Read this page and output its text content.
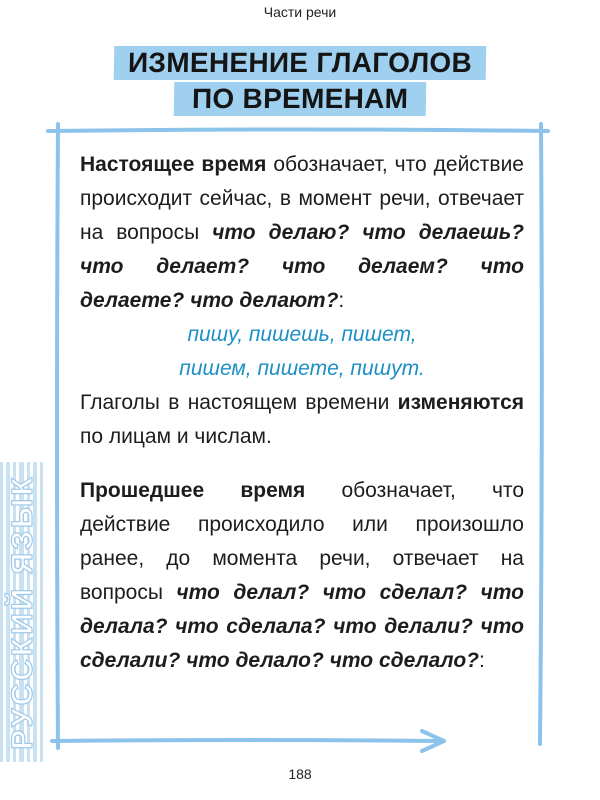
Части речи
ИЗМЕНЕНИЕ ГЛАГОЛОВ
ПО ВРЕМЕНАМ
РУССКИЙ ЯЗЫК

Настоящее время обозначает, что действие происходит сейчас, в момент речи, отвечает на вопросы что делаю? что делаешь? что делает? что делаем? что делаете? что делают?:

пишу, пишешь, пишет,
пишем, пишете, пишут.

Глаголы в настоящем времени изменяются по лицам и числам.

Прошедшее время обозначает, что действие происходило или произошло ранее, до момента речи, отвечает на вопросы что делал? что сделал? что делала? что сделала? что делали? что сделали? что делало? что сделало?:

188
